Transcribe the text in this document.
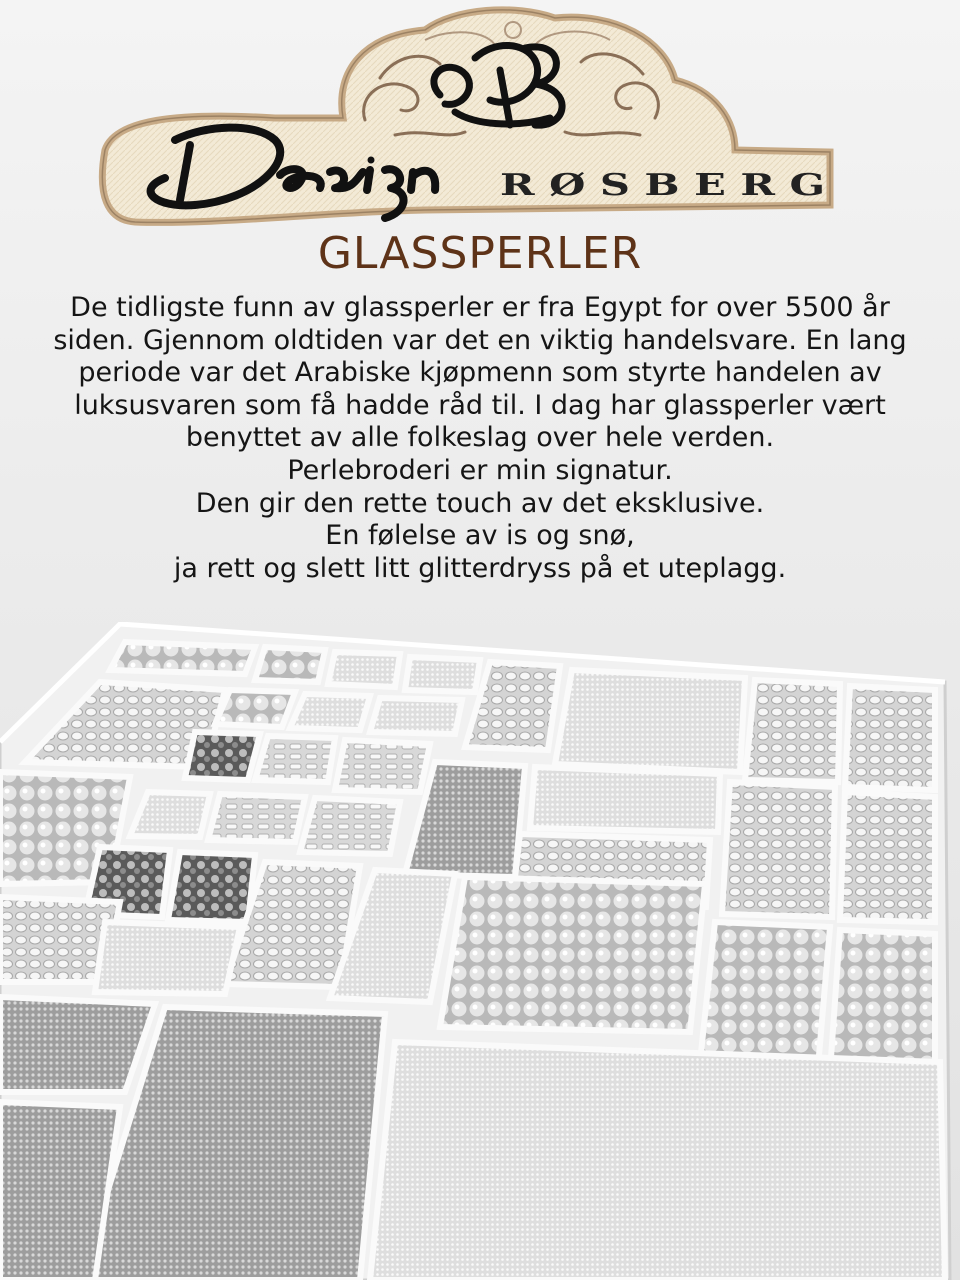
R Ø S B E R G
GLASSPERLER

De tidligste funn av glassperler er fra Egypt for over 5500 år
siden. Gjennom oldtiden var det en viktig handelsvare. En lang
periode var det Arabiske kjøpmenn som styrte handelen av
luksusvaren som få hadde råd til. I dag har glassperler vært
benyttet av alle folkeslag over hele verden.
Perlebroderi er min signatur.
Den gir den rette touch av det eksklusive.
En følelse av is og snø,
ja rett og slett litt glitterdryss på et uteplagg.
